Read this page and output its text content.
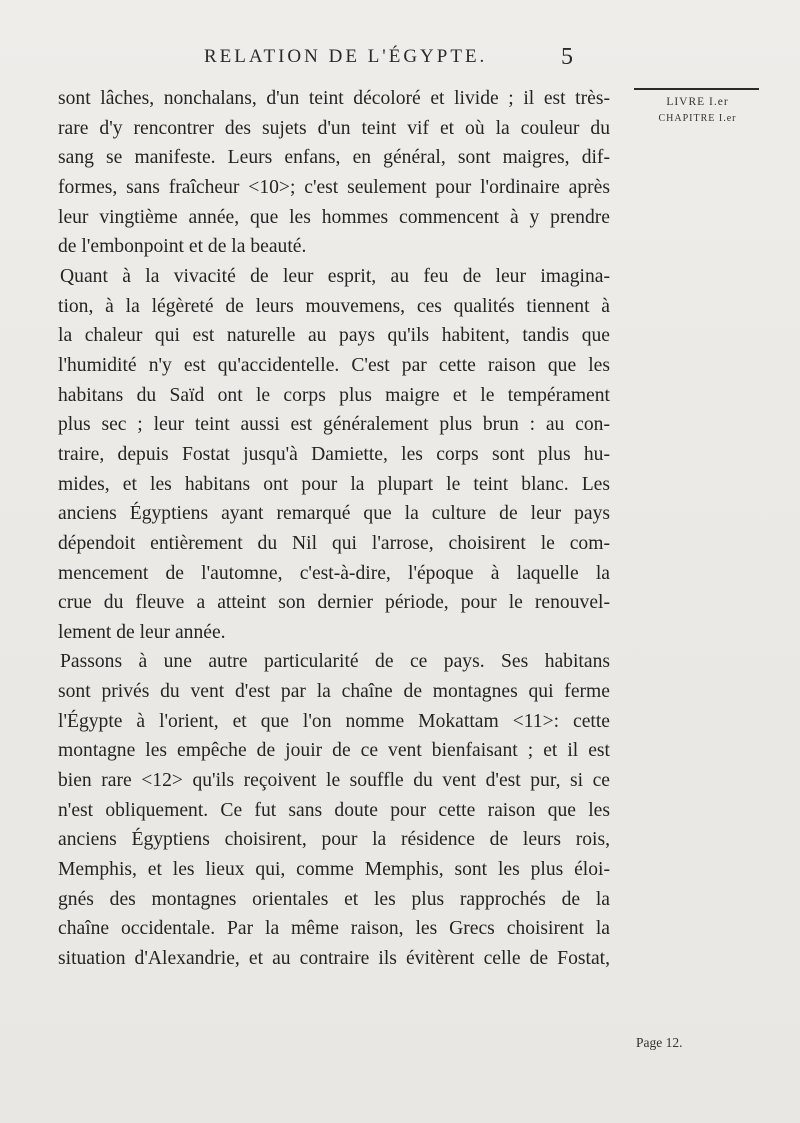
RELATION DE L'ÉGYPTE.	5
LIVRE I.er
CHAPITRE I.er
Page 12.

sont lâches, nonchalans, d'un teint décoloré et livide ; il est très-

rare d'y rencontrer des sujets d'un teint vif et où la couleur du

sang se manifeste. Leurs enfans, en général, sont maigres, dif-

formes, sans fraîcheur <10>; c'est seulement pour l'ordinaire après

leur vingtième année, que les hommes commencent à y prendre

de l'embonpoint et de la beauté.

Quant à la vivacité de leur esprit, au feu de leur imagina-

tion, à la légèreté de leurs mouvemens, ces qualités tiennent à

la chaleur qui est naturelle au pays qu'ils habitent, tandis que

l'humidité n'y est qu'accidentelle. C'est par cette raison que les

habitans du Saïd ont le corps plus maigre et le tempérament

plus sec ; leur teint aussi est généralement plus brun : au con-

traire, depuis Fostat jusqu'à Damiette, les corps sont plus hu-

mides, et les habitans ont pour la plupart le teint blanc. Les

anciens Égyptiens ayant remarqué que la culture de leur pays

dépendoit entièrement du Nil qui l'arrose, choisirent le com-

mencement de l'automne, c'est-à-dire, l'époque à laquelle la

crue du fleuve a atteint son dernier période, pour le renouvel-

lement de leur année.

Passons à une autre particularité de ce pays. Ses habitans

sont privés du vent d'est par la chaîne de montagnes qui ferme

l'Égypte à l'orient, et que l'on nomme Mokattam <11>: cette

montagne les empêche de jouir de ce vent bienfaisant ; et il est

bien rare <12> qu'ils reçoivent le souffle du vent d'est pur, si ce

n'est obliquement. Ce fut sans doute pour cette raison que les

anciens Égyptiens choisirent, pour la résidence de leurs rois,

Memphis, et les lieux qui, comme Memphis, sont les plus éloi-

gnés des montagnes orientales et les plus rapprochés de la

chaîne occidentale. Par la même raison, les Grecs choisirent la

situation d'Alexandrie, et au contraire ils évitèrent celle de Fostat,
